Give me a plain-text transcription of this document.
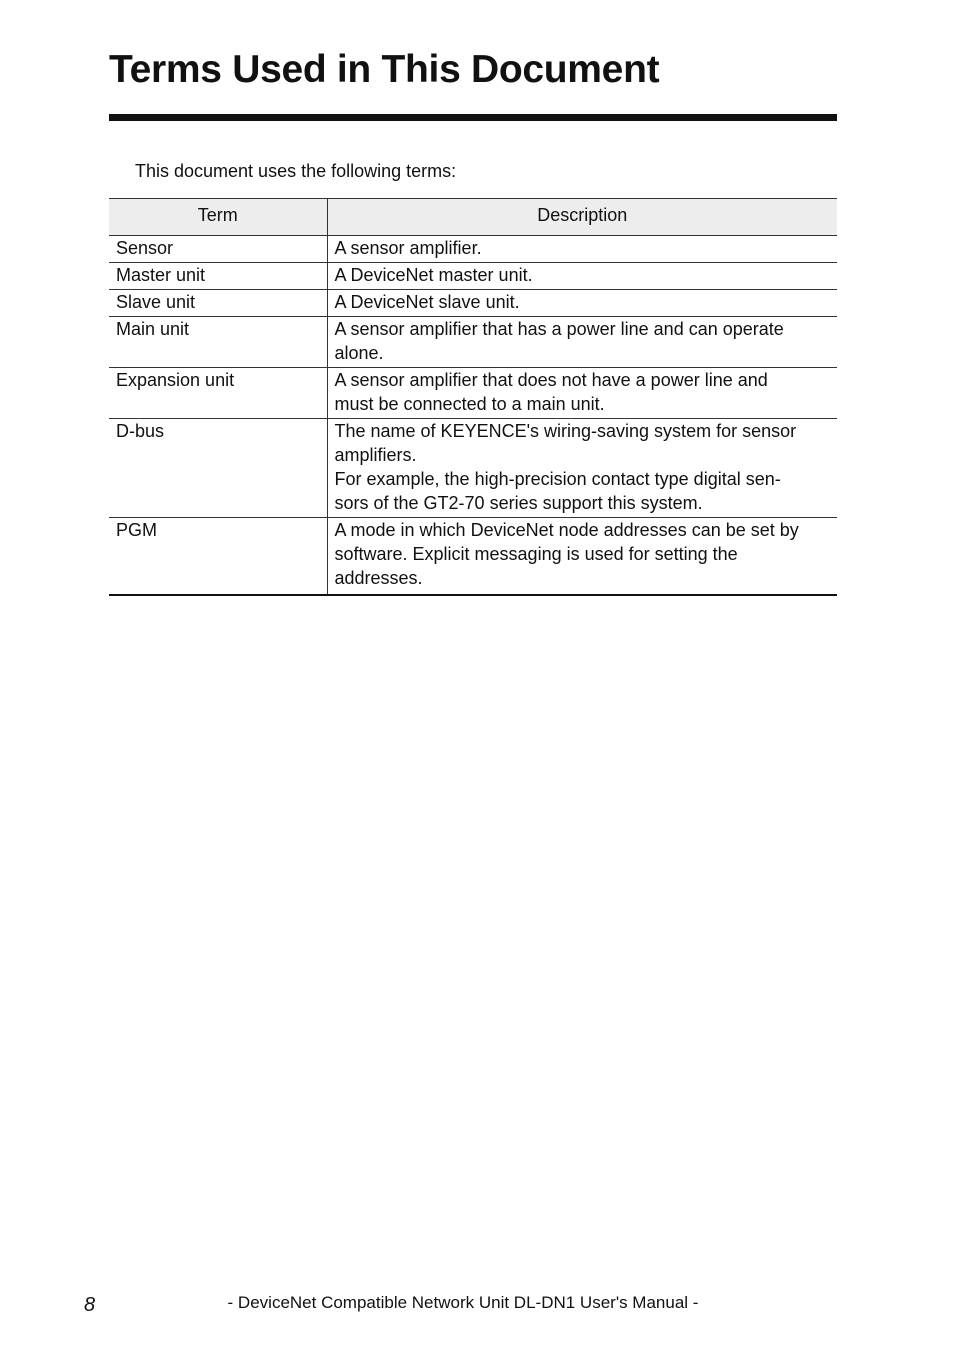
Terms Used in This Document

This document uses the following terms:

Term	Description
Sensor	A sensor amplifier.

Master unit	A DeviceNet master unit.

Slave unit	A DeviceNet slave unit.

Main unit	A sensor amplifier that has a power line and can operate
alone.

Expansion unit	A sensor amplifier that does not have a power line and
must be connected to a main unit.

D-bus	The name of KEYENCE's wiring-saving system for sensor
amplifiers.
For example, the high-precision contact type digital sen-
sors of the GT2-70 series support this system.

PGM	A mode in which DeviceNet node addresses can be set by
software. Explicit messaging is used for setting the
addresses.
8	- DeviceNet Compatible Network Unit DL-DN1 User's Manual -
